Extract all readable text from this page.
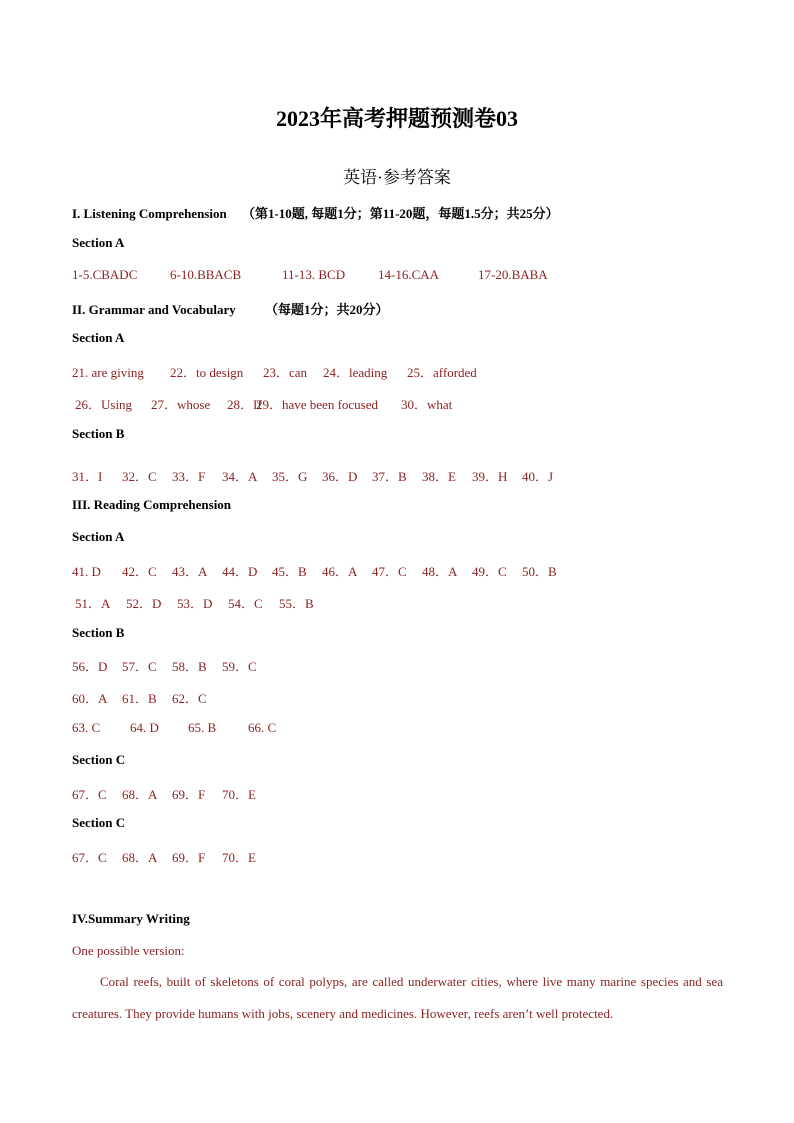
2023年高考押题预测卷03
英语·参考答案
I. Listening Comprehension （第1-10题, 每题1分；第11-20题，每题1.5分；共25分）
Section A
1-5.CBADC	6-10.BBACB	11-13. BCD	14-16.CAA	17-20.BABA
II. Grammar and Vocabulary （每题1分；共20分）
Section A
21. are giving 22．to design 23．can 24．leading 25．afforded
26．Using 27．whose 28．If29．have been focused 30．what
Section B
31．I 32．C 33．F 34．A 35．G 36．D 37．B 38．E 39．H 40．J
III. Reading Comprehension
Section A
41. D 42．C 43．A 44．D 45．B 46．A 47．C 48．A 49．C 50．B
51．A 52．D 53．D 54．C 55．B
Section B
56．D 57．C 58．B 59．C
60．A 61．B 62．C
63. C 64. D 65. B 66. C
Section C
67．C 68．A 69．F 70．E
Section C
67．C 68．A 69．F 70．E
IV.Summary Writing
One possible version:
Coral reefs, built of skeletons of coral polyps, are called underwater cities, where live many marine species and sea creatures. They provide humans with jobs, scenery and medicines. However, reefs aren’t well protected.
